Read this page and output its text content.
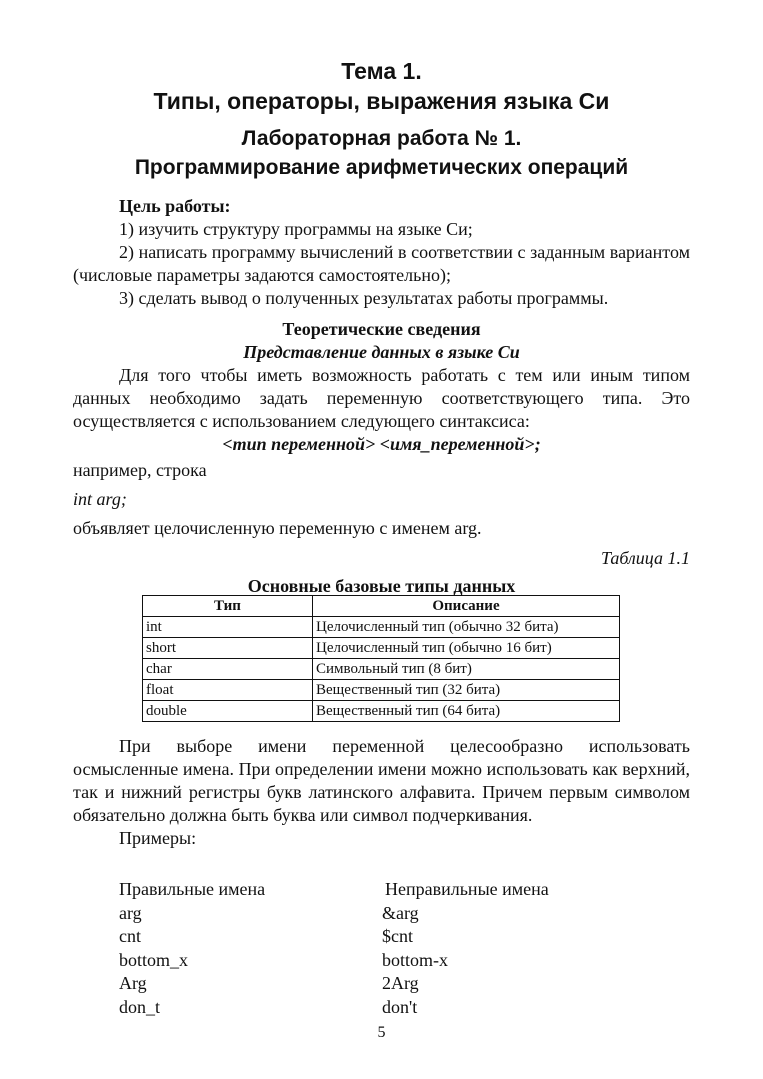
Тема 1.
Типы, операторы, выражения языка Си
Лабораторная работа № 1.
Программирование арифметических операций

Цель работы:

1) изучить структуру программы на языке Си;

2) написать программу вычислений в соответствии с заданным вариантом (числовые параметры задаются самостоятельно);

3) сделать вывод о полученных результатах работы программы.

Теоретические сведения

Представление данных в языке Си

Для того чтобы иметь возможность работать с тем или иным типом данных необходимо задать переменную соответствующего типа. Это осуществляется с использованием следующего синтаксиса:

<тип переменной> <имя_переменной>;

например, строка

int arg;

объявляет целочисленную переменную с именем arg.

Таблица 1.1

Основные базовые типы данных

Тип	Описание
int	Целочисленный тип (обычно 32 бита)
short	Целочисленный тип (обычно 16 бит)
char	Символьный тип (8 бит)
float	Вещественный тип (32 бита)
double	Вещественный тип (64 бита)

При выборе имени переменной целесообразно использовать осмысленные имена. При определении имени можно использовать как верхний, так и нижний регистры букв латинского алфавита. Причем первым символом обязательно должна быть буква или символ подчеркивания.

Примеры:

Правильные имена	Неправильные имена
arg	&arg
cnt	$cnt
bottom_x	bottom-x
Arg	2Arg
don_t	don't
5
